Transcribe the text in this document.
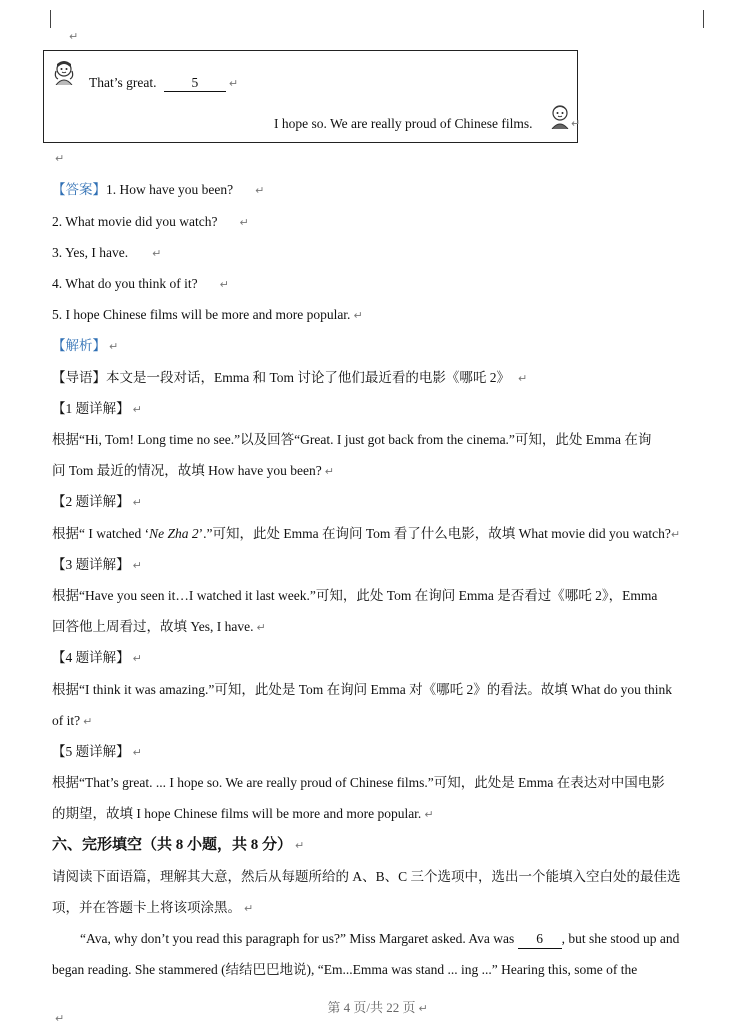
↵
That’s great.	5	↵
I hope so. We are really proud of Chinese films.	↵
↵
【答案】1. How have you been? ↵
2. What movie did you watch? ↵
3. Yes, I have. ↵
4. What do you think of it? ↵
5. I hope Chinese films will be more and more popular. ↵
【解析】 ↵
【导语】本文是一段对话，Emma 和 Tom 讨论了他们最近看的电影《哪吒 2》 ↵
【1 题详解】 ↵
根据“Hi, Tom! Long time no see.”以及回答“Great. I just got back from the cinema.”可知，此处 Emma 在询
问 Tom 最近的情况，故填 How have you been? ↵
【2 题详解】 ↵
根据“ I watched ‘Ne Zha 2’.”可知，此处 Emma 在询问 Tom 看了什么电影，故填 What movie did you watch?↵
【3 题详解】 ↵
根据“Have you seen it…I watched it last week.”可知，此处 Tom 在询问 Emma 是否看过《哪吒 2》，Emma
回答他上周看过，故填 Yes, I have. ↵
【4 题详解】 ↵
根据“I think it was amazing.”可知，此处是 Tom 在询问 Emma 对《哪吒 2》的看法。故填 What do you think
of it? ↵
【5 题详解】 ↵
根据“That’s great. ... I hope so. We are really proud of Chinese films.”可知，此处是 Emma 在表达对中国电影
的期望，故填 I hope Chinese films will be more and more popular. ↵
六、完形填空（共 8 小题，共 8 分） ↵
请阅读下面语篇，理解其大意，然后从每题所给的 A、B、C 三个选项中，选出一个能填入空白处的最佳选
项，并在答题卡上将该项涂黑。 ↵
“Ava, why don’t you read this paragraph for us?” Miss Margaret asked. Ava was 6 , but she stood up and
began reading. She stammered (结结巴巴地说), “Em...Emma was stand ... ing ...” Hearing this, some of the
第 4 页/共 22 页 ↵
↵
